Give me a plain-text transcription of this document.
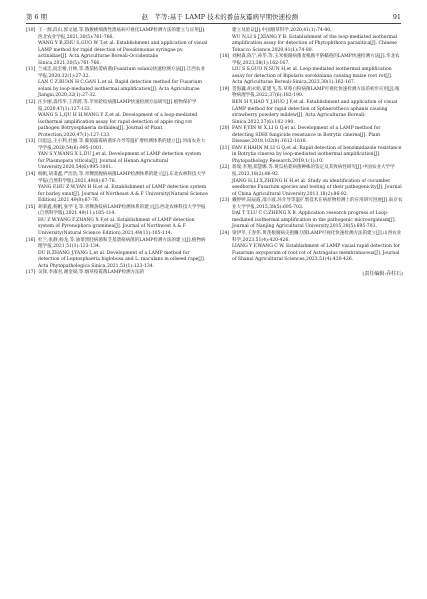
第 6 期	赵　芊等:基于 LAMP 技术的番茄灰霉病早期快速检测	91

[10] 王一源,段山,郭文通,等.猕猴桃细菌性溃疡病可视化LAMP检测方法的建立与应用[J].西北农业学报,2021,30(5):761-766.

WANG Y B,ZHU S,GUO W T,et al. Establishment and application of visual LAMP method for rapid detection of Pseudomonas syringae pv. actinidiae[J]. Acta Agriculturae Boreali-Occidentalis Sinica,2021,30(5):761-766.

[11] 兰成忠,阮宏椿,甘林,等.番茄枯萎病菌(Fusarium solani)快速检测方法[J].江西农业学报,2020,32(1):27-32.

LAN C Z,RUAN H C,GAN L,et al. Rapid detection method for Fusarium solani by loop-mediated isothermal amplification[J]. Acta Agriculturae Jiangxi,2020,32(1):27-32.

[12] 汪少丽,淼伟华,王萍蔚,等.苹果轮纹病菌LAMP快速检测方法研究[J].植物保护学报,2020,47(1):127-133.

WANG S L,QU H H,WANG Y Z,et al. Development of a loop-mediated isothermal amplification assay for rapid detection of apple ring rot pathogen Botryosphaeria dothidea[J]. Journal of Plant Protection,2020,47(1):127-133.

[13] 闫思远,王小利,杜丽,等.葡萄霜霉病菌环介导等温扩增检测体系的建立[J].河南农业大学学报,2020,54(6):995-1001.

YAN S Y,WANG X L,DU J,et al. Development of LAMP detection system for Plasmopara viticola[J]. Journal of Henan Agricultural University,2020,54(6):995-1001.

[14] 杨帆,胡秉鑫,严浩浩,等.青稞黑腥病病菌LAMP检测体系的建立[J].东北农林科技大学学报(自然科学版),2021,49(8):67-76.

YANG F,HU Z W,YAN H H,et al. Establishment of LAMP detection system for barley smut[J]. Journal of Northeast A & F University(Natural Science Edition),2021,49(8):67-76.

[15] 胡秉鑫,杨帆,张学飞,等.青稞条纹病LAMP检测体系的建立[J].西北农林科技大学学报(自然科学版),2021,49(11):105-114.

HU Z W,YANG F,ZHANG X F,et al. Establishment of LAMP detection system of Pyrenophora graminea[J]. Journal of Northwest A & F University(Natural Science Edition),2021,49(11):105-114.

[16] 杜兰,张静,杨龙,等.油菜黑胫病菌和茎基溃疡病菌的LAMP检测方法的建立[J].植物病理学报,2021,51(1):123-134.

DU R,ZHANG J,YANG L,et al. Development of a LAMP method for detection of Leptosphaeria biglobosa and L. maculans in oilseed rape[J]. Acta Phytopathologica Sinica,2021,51(1):123-134.

[17] 吴锋,李淑君,谢金斌,等.烟草疫霉菌LAMP检测方法的

建立及验证[J].中国烟草科学,2020,41(1):74-80.

WU N,LI S J,XIANG Y B. Establishment of the loop-mediated isothermal amplification assay for detection of Phytophthora parasitica[J]. Chinese Tobacco Science,2020,41(1):74-80.

[18] 刘树森,陈宁,孙华,等.玉米根腐病菌麦根腐平脐蠕孢的LAMP快速检测方法[J].华北农学报,2023,38(1):162-167.

LIU S S,GUO N,SUN H,et al. Loop-mediated isothermal amplification assay for detection of Bipolaris sorokiniana causing maize root rot[J]. Acta Agriculturae Boreali-Sinica,2023,38(1):162-167.

[19] 贯海巍,胡永娟,霍建飞,等.草莓白粉病菌LAMP可视化快速检测方法的初步应用[J].植物病理学报,2022,37(6):182-190.

BEN H Y,HAO Y J,HUO J F,et al. Establishment and application of visual LAMP method for rapid detection of Sphaerotheca aphanis causing strawberry powdery mildew[J]. Acta Agriculturae Boreali-Sinica,2022,37(6):182-190.

[20] FAN F,YIN W X,LI G Q,et al. Development of a LAMP method for detecting SDHI fungicide resistance in Botrytis cinerea[J]. Plant Disease,2018,102(8):1612-1618.

[21] FAN F,HAHN M,LI G Q,et al. Rapid detection of benzimidazole resistance in Botrytis cinerea by loop-mediated isothermal amplification[J]. Phytopathology Research,2019,1(1):10.

[22] 蒋瑞,李翔,郑慧娜,等.黄瓜枯萎病菌种株的鉴定及其致病性研究[J].中国农业大学学报,2013,18(2):86-92.

JIANG H,LI X,ZHENG H H,et al. Study on identification of cucumber seedborne Fusarium species and testing of their pathogenicity[J]. Journal of China Agricultural University,2013,18(2):86-92.

[23] 戴婷婷,陆辰霞,邵小波.环介导等温扩增技术在病原物检测上的应用研究进展[J].南京农业大学学报,2015,38(5):695-703.

DAI T T,LU C C,ZHENG X B. Application research progress of Loop-mediated isothermal amplification in the pathogenic microorganism[J]. Journal of Nanjing Agricultural University,2015,38(5):695-703.

[24] 梁伊苹,王春伟.黄芪根腐病尖孢镰刀菌LAMP可视化快速检测方法的建立[J].山西农业科学,2023,51(4):420-426.

LIANG Y F,WANG C W. Establishment of LAMP visual rapid detection for Fusarium oxysporum of root rot of Astragalus membranaceus[J]. Journal of Shanxi Agricultural Sciences,2023,51(4):420-426.

(责任编辑:乔柱石)
